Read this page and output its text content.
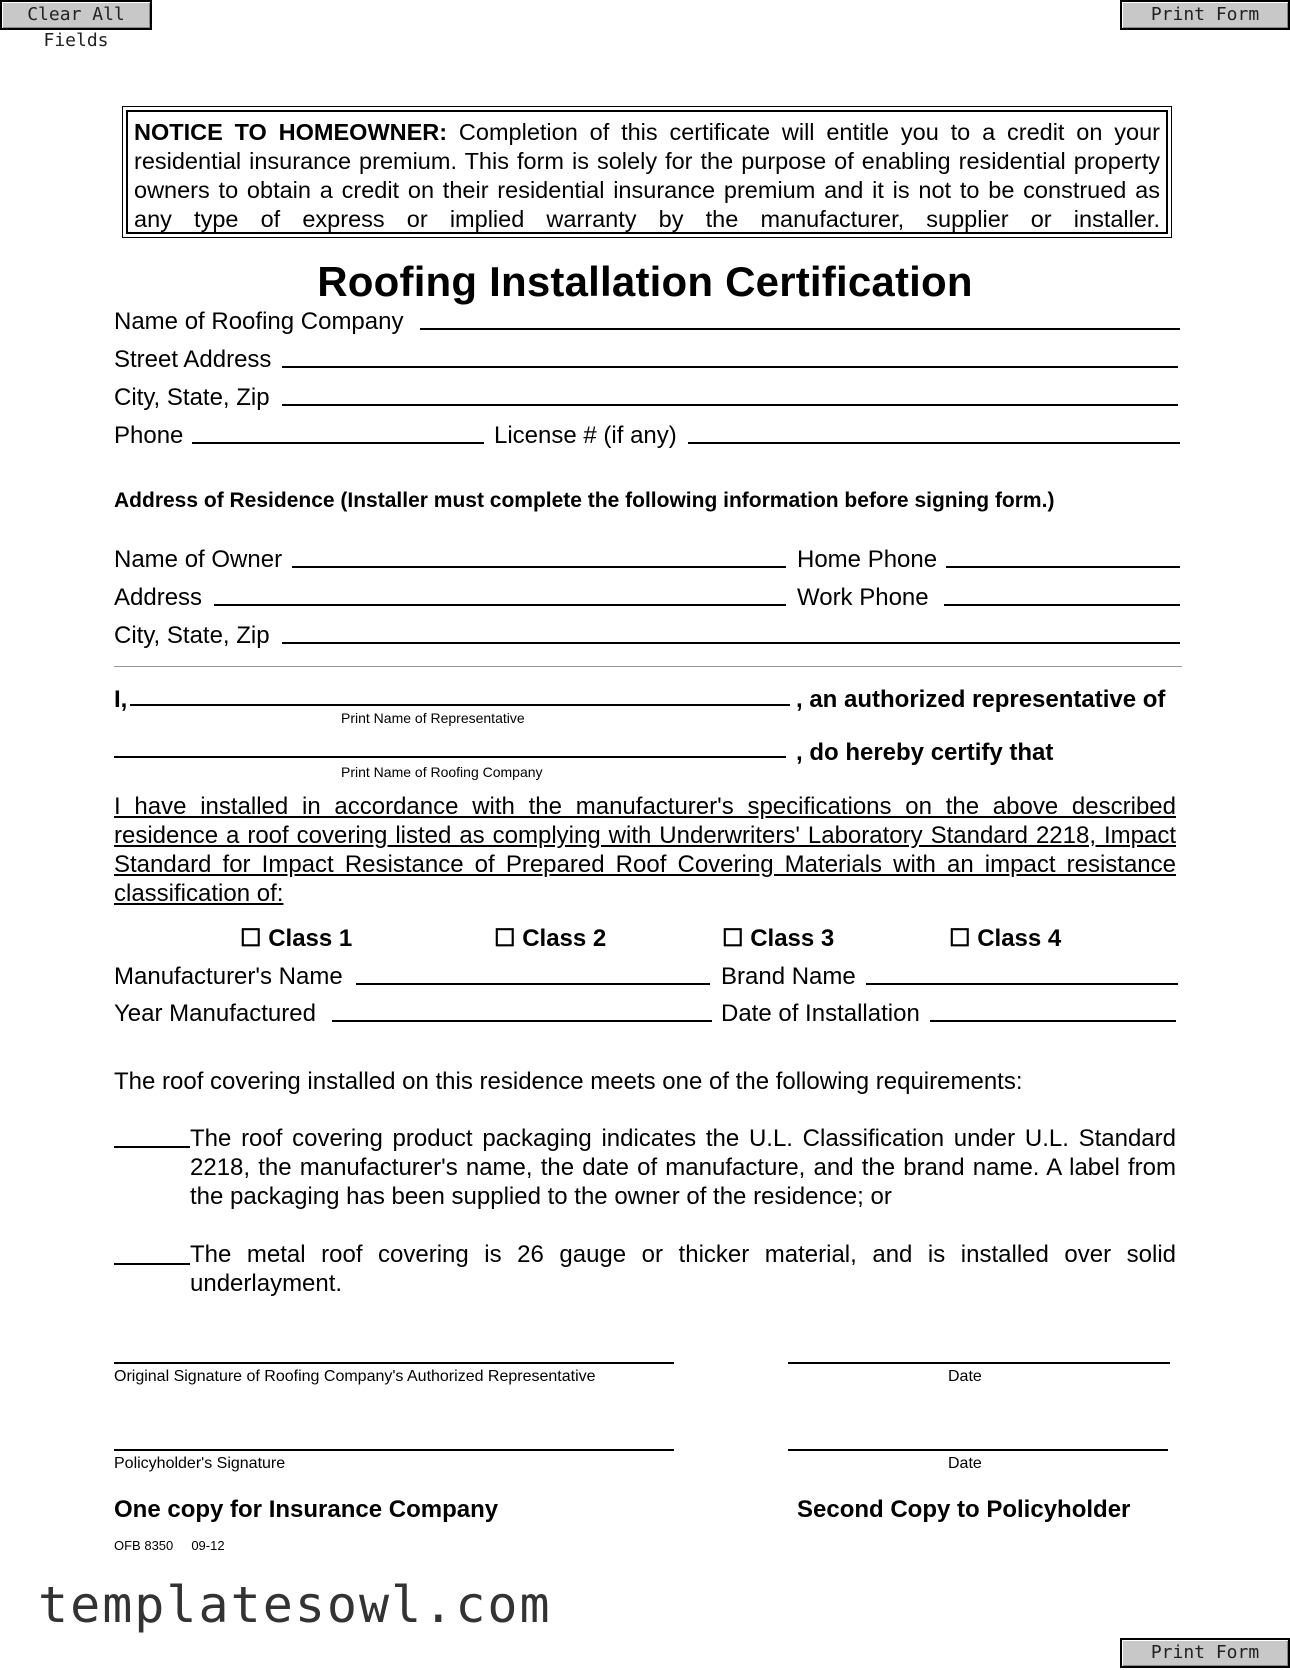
Clear All Fields
Print Form
NOTICE TO HOMEOWNER: Completion of this certificate will entitle you to a credit on your residential insurance premium. This form is solely for the purpose of enabling residential property owners to obtain a credit on their residential insurance premium and it is not to be construed as any type of express or implied warranty by the manufacturer, supplier or installer.
Roofing Installation Certification
Name of Roofing Company
Street Address
City, State, Zip
Phone	License # (if any)
Address of Residence (Installer must complete the following information before signing form.)
Name of Owner	Home Phone
Address	Work Phone
City, State, Zip
I,	, an authorized representative of
Print Name of Representative
, do hereby certify that
Print Name of Roofing Company
I have installed in accordance with the manufacturer's specifications on the above described residence a roof covering listed as complying with Underwriters' Laboratory Standard 2218, Impact Standard for Impact Resistance of Prepared Roof Covering Materials with an impact resistance classification of:
☐ Class 1	☐ Class 2	☐ Class 3	☐ Class 4
Manufacturer's Name	Brand Name
Year Manufactured	Date of Installation
The roof covering installed on this residence meets one of the following requirements:
The roof covering product packaging indicates the U.L. Classification under U.L. Standard 2218, the manufacturer's name, the date of manufacture, and the brand name. A label from the packaging has been supplied to the owner of the residence; or
The metal roof covering is 26 gauge or thicker material, and is installed over solid underlayment.
Original Signature of Roofing Company's Authorized Representative	Date
Policyholder's Signature	Date
One copy for Insurance Company	Second Copy to Policyholder
OFB 8350     09-12
templatesowl.com
Print Form
